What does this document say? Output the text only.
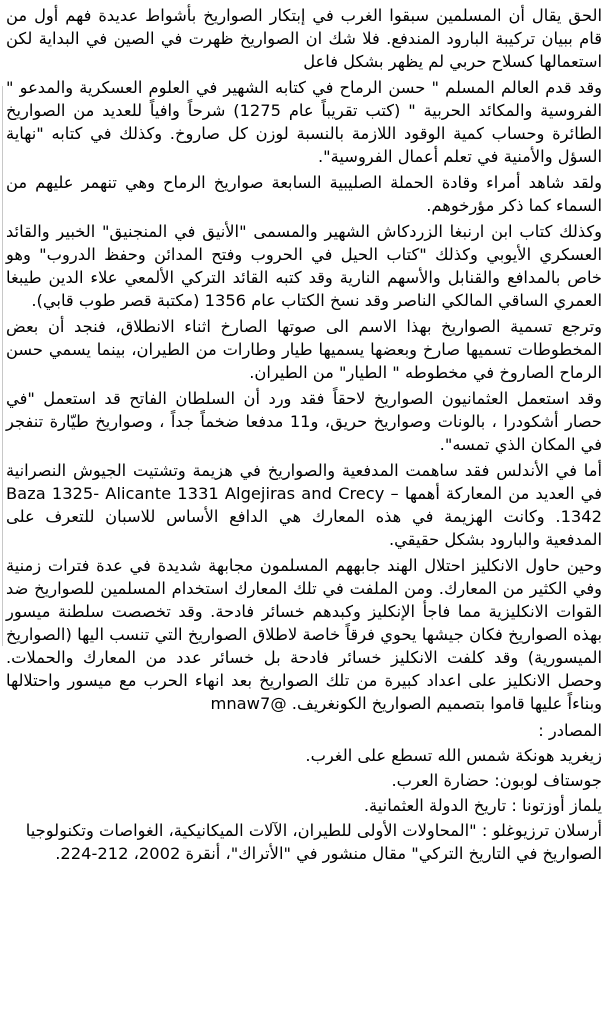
الحق يقال أن المسلمين سبقوا الغرب في إبتكار الصواريخ بأشواط عديدة فهم أول من قام ببيان تركيبة البارود المندفع. فلا شك ان الصواريخ ظهرت في الصين في البداية لكن استعمالها كسلاح حربي لم يظهر بشكل فاعل

وقد قدم العالم المسلم " حسن الرماح في كتابه الشهير في العلوم العسكرية والمدعو " الفروسية والمكائد الحربية " (كتب تقريباً عام 1275) شرحاً وافياً للعديد من الصواريخ الطائرة وحساب كمية الوقود اللازمة بالنسبة لوزن كل صاروخ. وكذلك في كتابه "نهاية السؤل والأمنية في تعلم أعمال الفروسية".

ولقد شاهد أمراء وقادة الحملة الصليبية السابعة صواريخ الرماح وهي تنهمر عليهم من السماء كما ذكر مؤرخوهم.

وكذلك كتاب ابن ارنبغا الزردكاش الشهير والمسمى "الأنيق في المنجنيق" الخبير والقائد العسكري الأيوبي وكذلك "كتاب الحيل في الحروب وفتح المدائن وحفظ الدروب" وهو خاص بالمدافع والقنابل والأسهم النارية وقد كتبه القائد التركي الألمعي علاء الدين طيبغا العمري الساقي المالكي الناصر وقد نسخ الكتاب عام 1356 (مكتبة قصر طوب قابي).

وترجع تسمية الصواريخ بهذا الاسم الى صوتها الصارخ اثناء الانطلاق، فنجد أن بعض المخطوطات تسميها صارخ وبعضها يسميها طيار وطارات من الطيران، بينما يسمي حسن الرماح الصاروخ في مخطوطه " الطيار" من الطيران.

وقد استعمل العثمانيون الصواريخ لاحقاً فقد ورد أن السلطان الفاتح قد استعمل "في حصار أشكودرا ، بالونات وصواريخ حريق، و11 مدفعا ضخماً جداً ، وصواريخ طيّارة تنفجر في المكان الذي تمسه".

أما في الأندلس فقد ساهمت المدفعية والصواريخ في هزيمة وتشتيت الجيوش النصرانية في العديد من المعاركة أهمها – Baza 1325- Alicante 1331 Algejiras and Crecy 1342. وكانت الهزيمة في هذه المعارك هي الدافع الأساس للاسبان للتعرف على المدفعية والبارود بشكل حقيقي.

وحين حاول الانكليز احتلال الهند جابههم المسلمون مجابهة شديدة في عدة فترات زمنية وفي الكثير من المعارك. ومن الملفت في تلك المعارك استخدام المسلمين للصواريخ ضد القوات الانكليزية مما فاجأ الإنكليز وكبدهم خسائر فادحة. وقد تخصصت سلطنة ميسور بهذه الصواريخ فكان جيشها يحوي فرقاً خاصة لاطلاق الصواريخ التي تنسب اليها (الصواريخ الميسورية) وقد كلفت الانكليز خسائر فادحة بل خسائر عدد من المعارك والحملات. وحصل الانكليز على اعداد كبيرة من تلك الصواريخ بعد انهاء الحرب مع ميسور واحتلالها وبناءاً عليها قاموا بتصميم الصواريخ الكونغريف. @mnaw7

المصادر :

زيغريد هونكة شمس الله تسطع على الغرب.

جوستاف لوبون: حضارة العرب.

يلماز أوزتونا : تاريخ الدولة العثمانية.

أرسلان ترزيوغلو : "المحاولات الأولى للطيران، الآلات الميكانيكية، الغواصات وتكنولوجيا الصواريخ في التاريخ التركي" مقال منشور في "الأتراك"، أنقرة 2002، 212-224.
